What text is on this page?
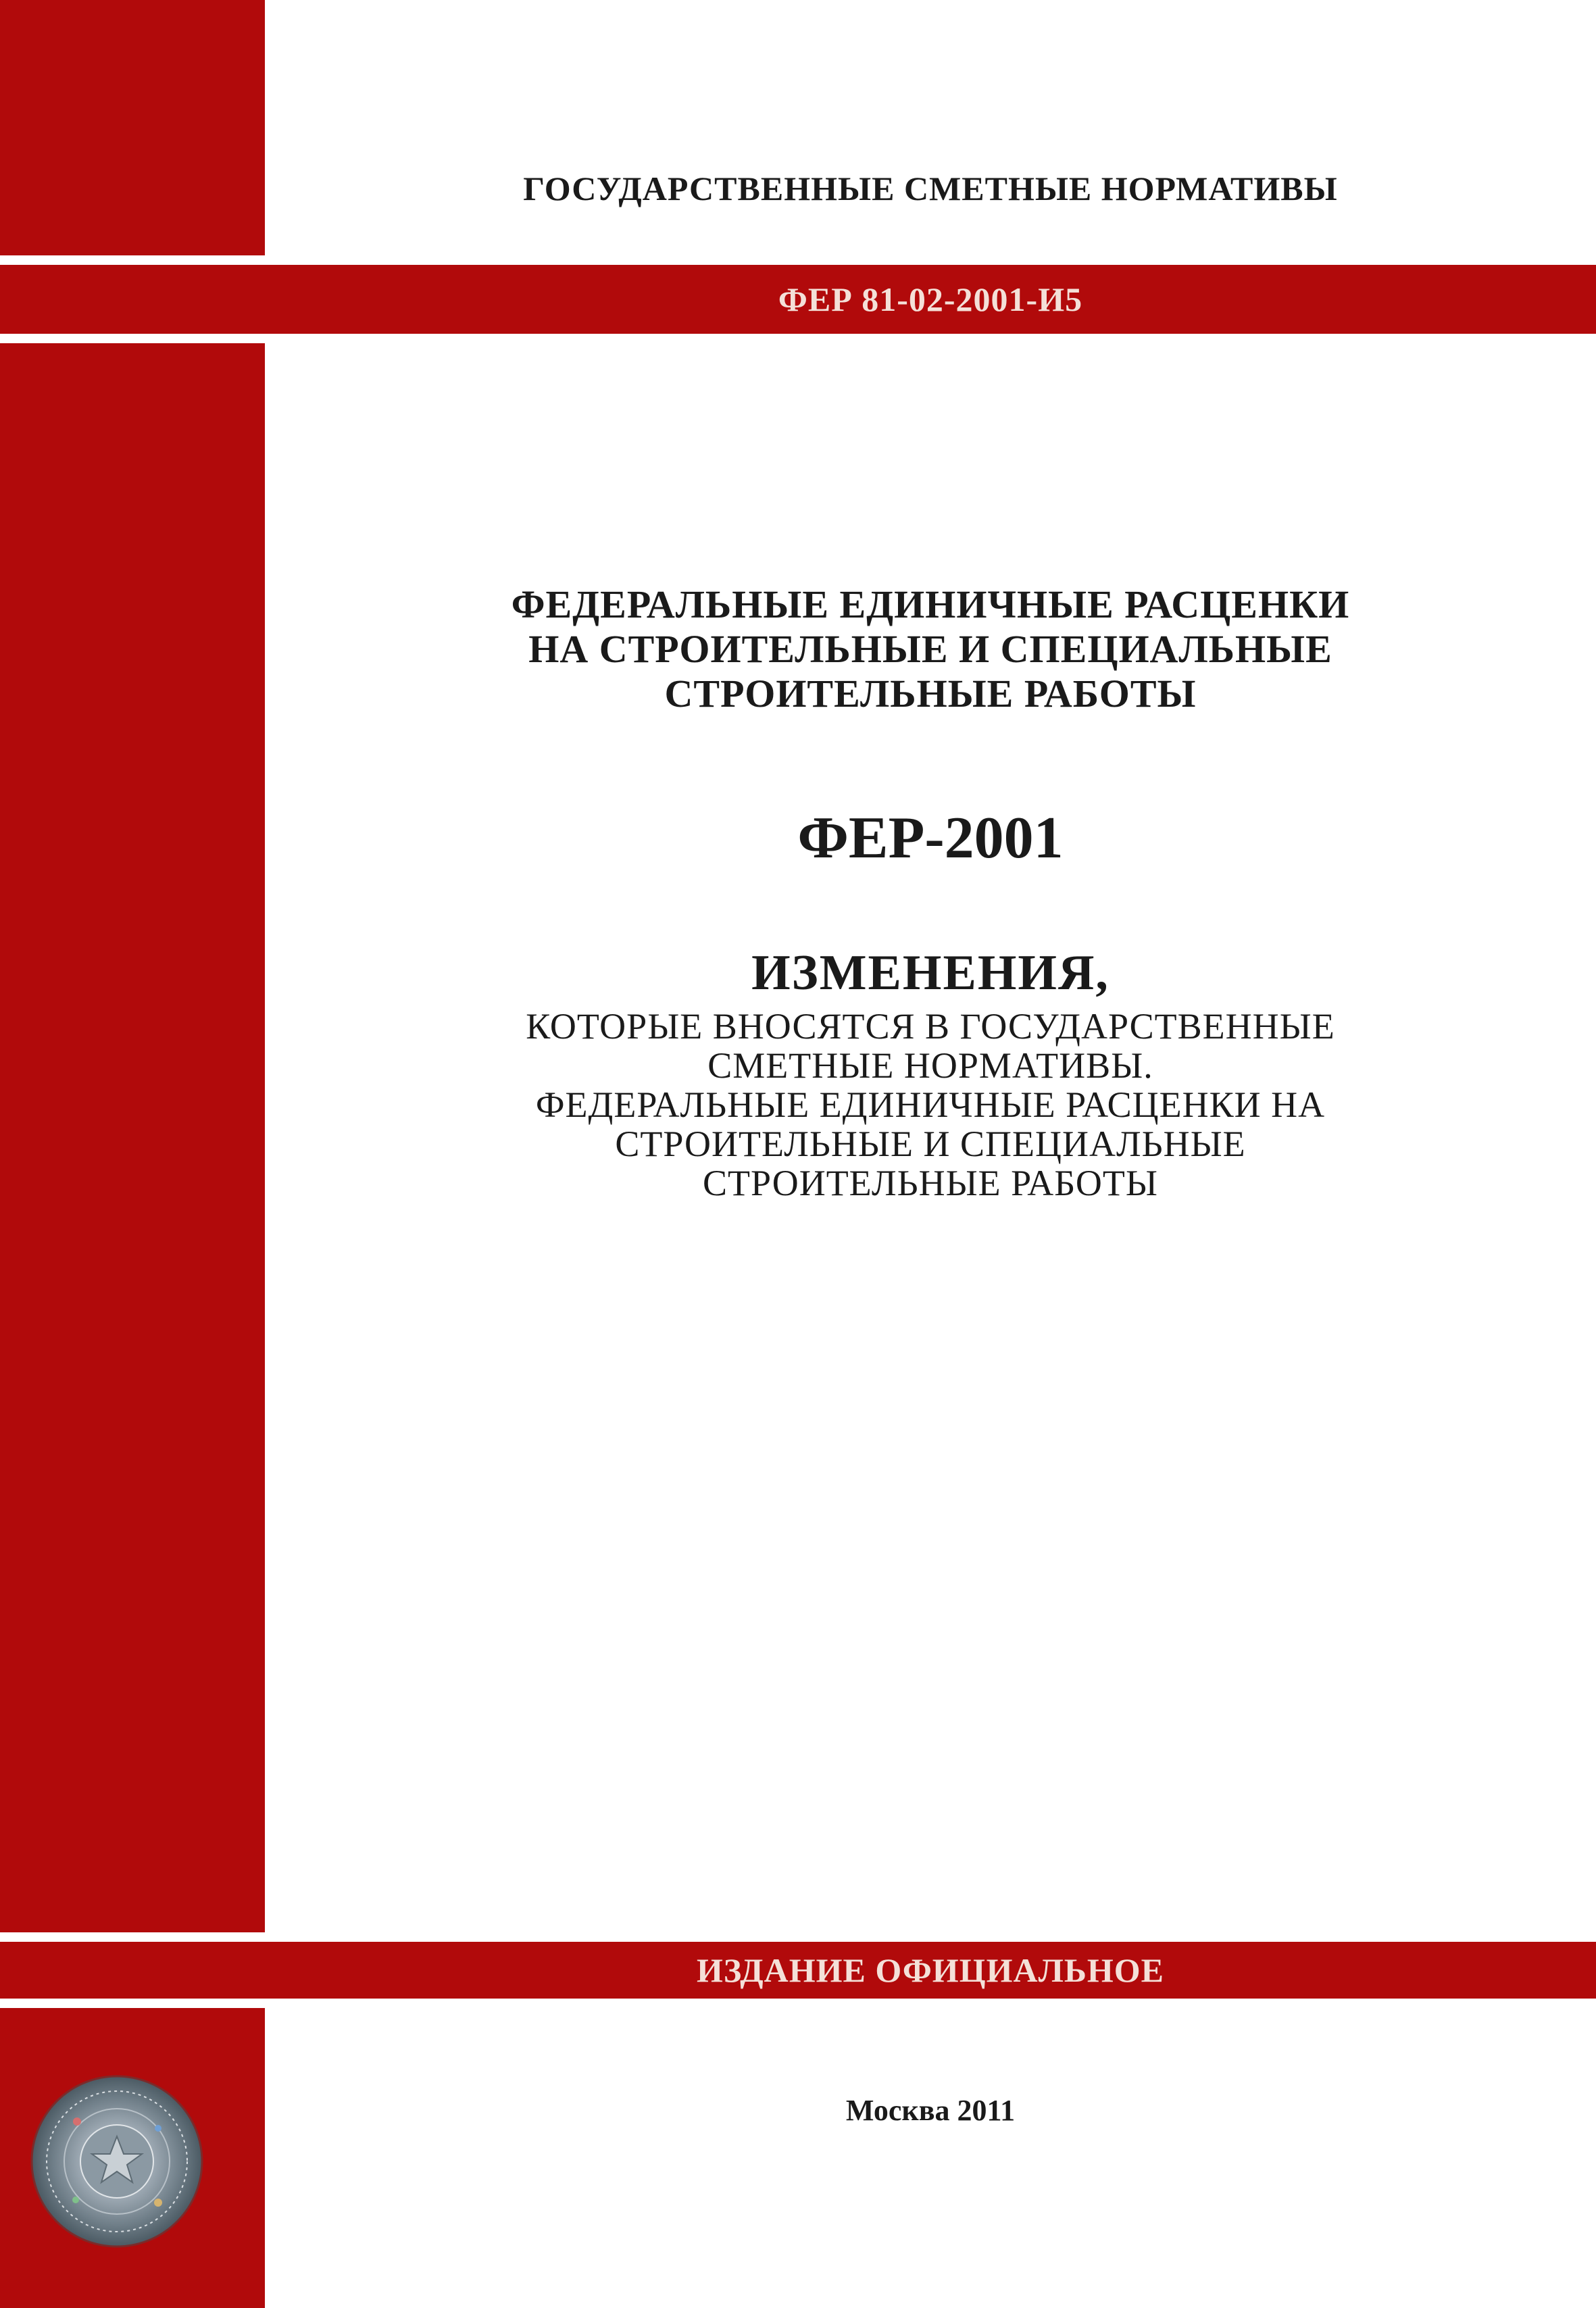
ГОСУДАРСТВЕННЫЕ СМЕТНЫЕ НОРМАТИВЫ
ФЕР 81-02-2001-И5
ФЕДЕРАЛЬНЫЕ ЕДИНИЧНЫЕ РАСЦЕНКИ
НА СТРОИТЕЛЬНЫЕ И СПЕЦИАЛЬНЫЕ
СТРОИТЕЛЬНЫЕ РАБОТЫ
ФЕР-2001
ИЗМЕНЕНИЯ,
КОТОРЫЕ ВНОСЯТСЯ В ГОСУДАРСТВЕННЫЕ
СМЕТНЫЕ НОРМАТИВЫ.
ФЕДЕРАЛЬНЫЕ ЕДИНИЧНЫЕ РАСЦЕНКИ НА
СТРОИТЕЛЬНЫЕ И СПЕЦИАЛЬНЫЕ
СТРОИТЕЛЬНЫЕ РАБОТЫ
ИЗДАНИЕ ОФИЦИАЛЬНОЕ
Москва 2011
